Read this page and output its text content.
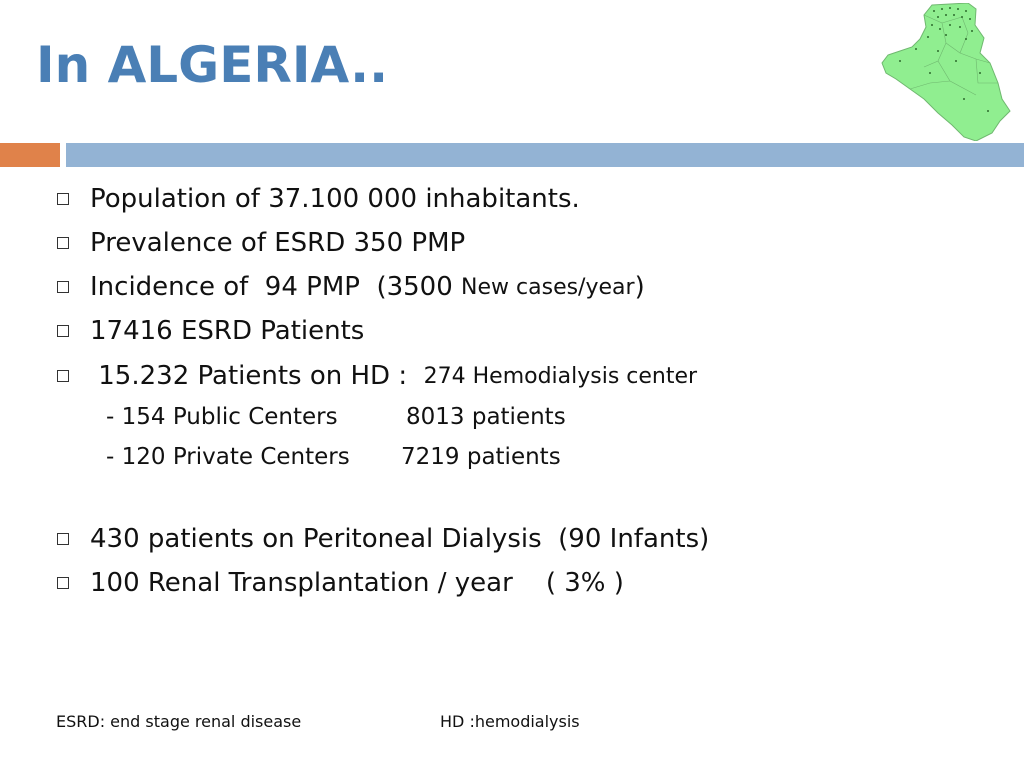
In ALGERIA..
Population of 37.100 000 inhabitants.
Prevalence of ESRD 350 PMP
Incidence of  94 PMP  (3500 New cases/year )
17416 ESRD Patients
15.232 Patients on HD : 274 Hemodialysis center
- 154 Public Centers	8013 patients
- 120 Private Centers 7219 patients
430 patients on Peritoneal Dialysis  (90 Infants)
100 Renal Transplantation / year    ( 3% )
ESRD: end stage renal disease	HD :hemodialysis
